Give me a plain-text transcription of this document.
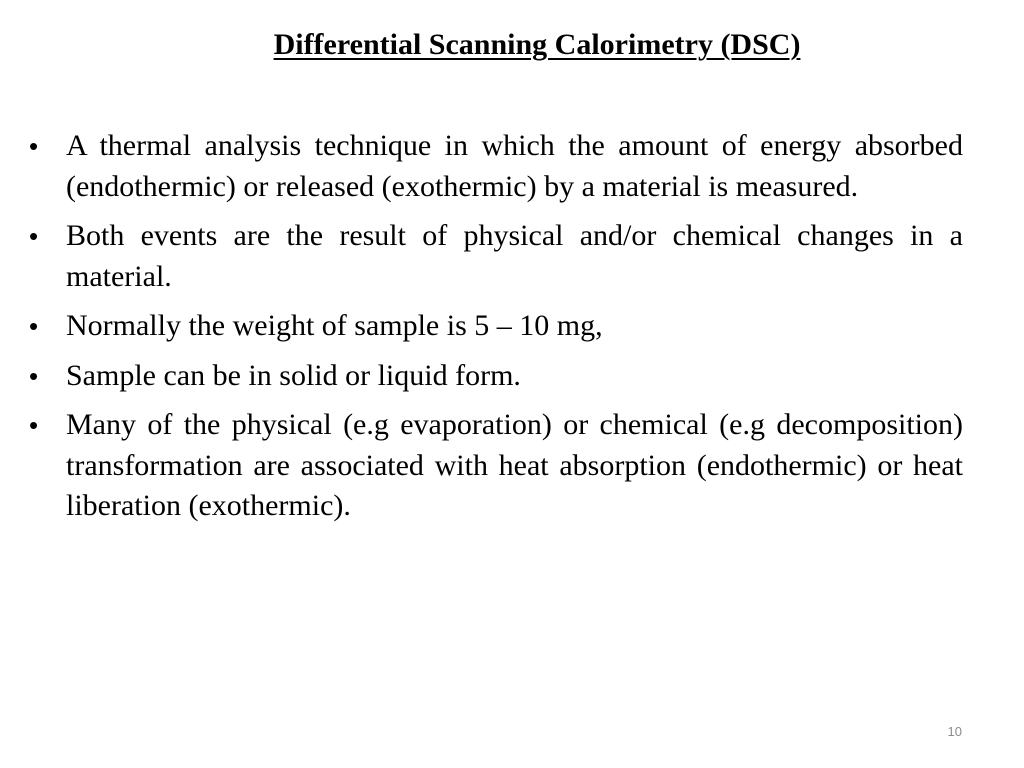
Differential Scanning Calorimetry (DSC)
•
A thermal analysis technique in which the amount of energy absorbed (endothermic) or released (exothermic) by a material is measured.
•
Both events are the result of physical and/or chemical changes in a material.
•
Normally the weight of sample is 5 – 10 mg,
•
Sample can be in solid or liquid form.
•
Many of the physical (e.g evaporation) or chemical (e.g decomposition) transformation are associated with heat absorption (endothermic) or heat liberation (exothermic).
10
